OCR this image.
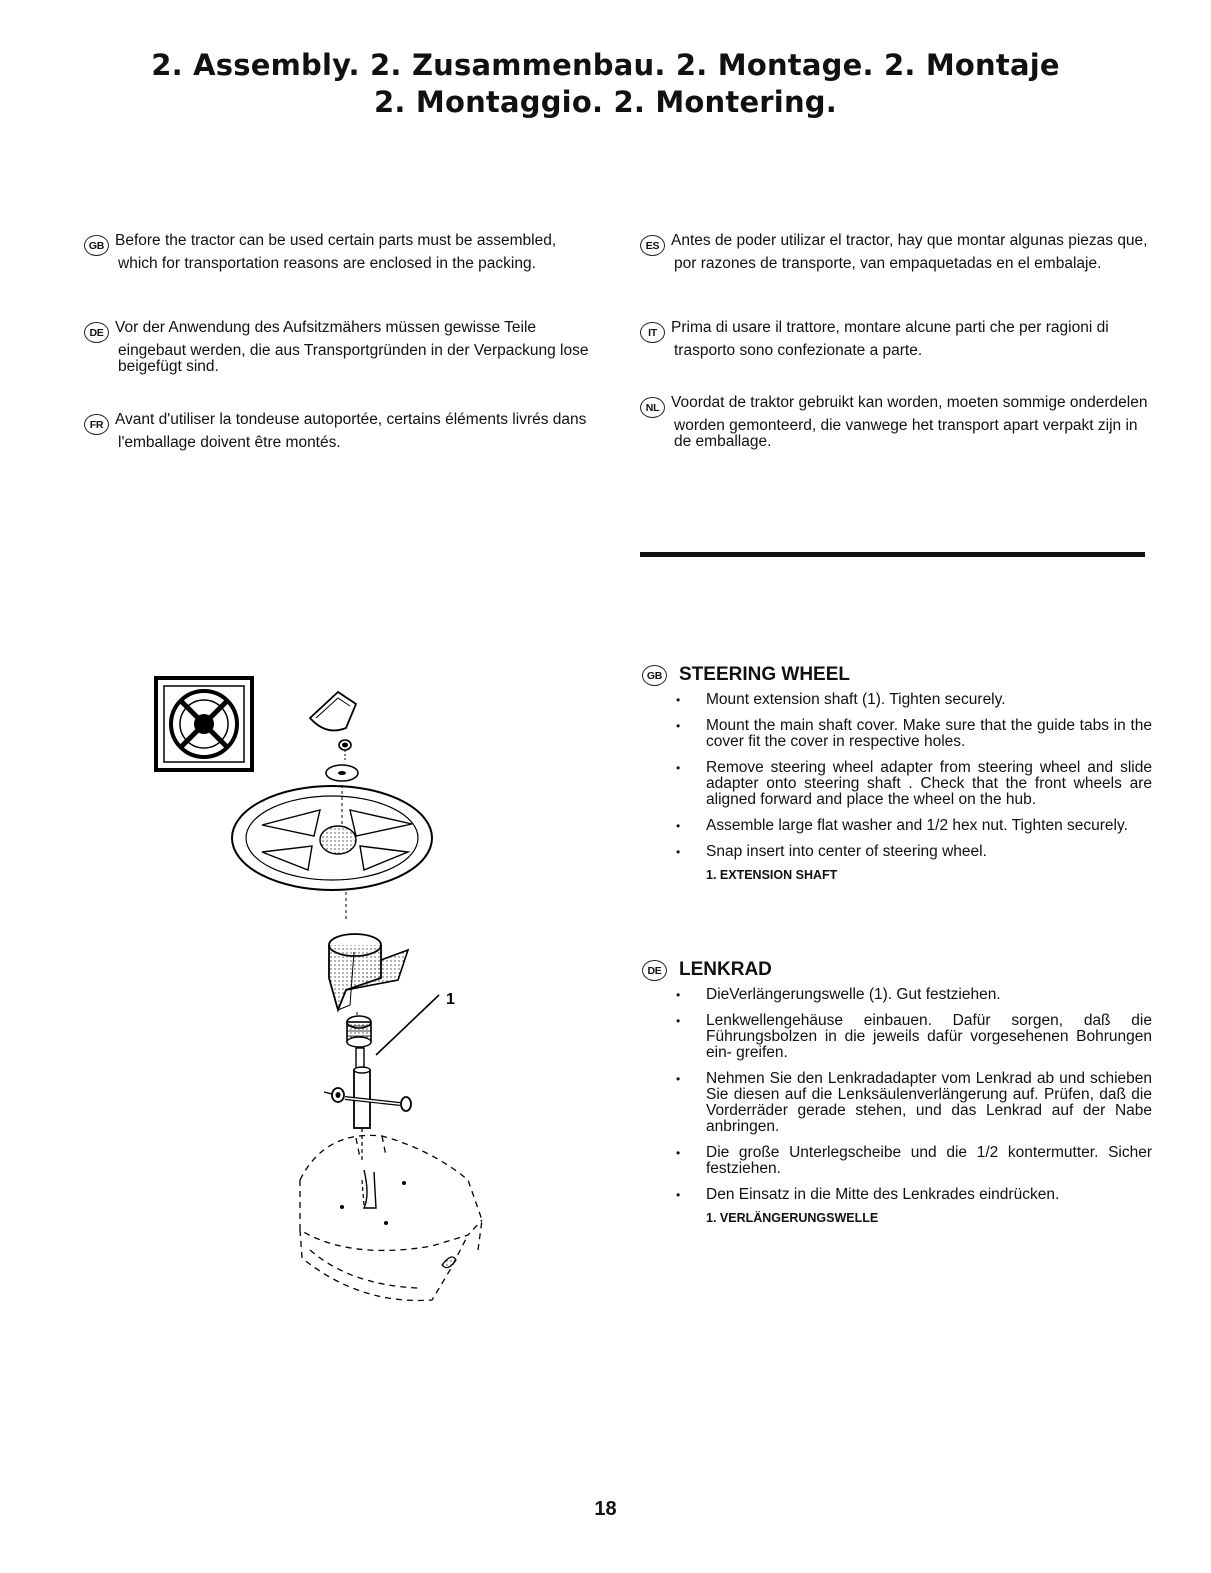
2. Assembly. 2. Zusammenbau. 2. Montage. 2. Montaje
2. Montaggio. 2. Montering.
GB Before the tractor can be used certain parts must be assembled, which for transportation reasons are enclosed in the packing.
DE Vor der Anwendung des Aufsitzmähers müssen gewisse Teile eingebaut werden, die aus Transportgründen in der Verpackung lose beigefügt sind.
FR Avant d'utiliser la tondeuse autoportée, certains éléments livrés dans l'emballage doivent être montés.
ES Antes de poder utilizar el tractor, hay que montar algunas piezas que, por razones de transporte, van empaquetadas en el embalaje.
IT Prima di usare il trattore, montare alcune parti che per ragioni di trasporto sono confezionate a parte.
NL Voordat de traktor gebruikt kan worden, moeten sommige onderdelen worden gemonteerd, die vanwege het transport apart verpakt zijn in de emballage.
GB STEERING WHEEL
• Mount extension shaft (1). Tighten securely.
• Mount the main shaft cover. Make sure that the guide tabs in the cover fit the cover in respective holes.
• Remove steering wheel adapter from steering wheel and slide adapter onto steering shaft . Check that the front wheels are aligned forward and place the wheel on the hub.
• Assemble large flat washer and 1/2 hex nut. Tighten securely.
• Snap insert into center of steering wheel.
1. EXTENSION SHAFT
DE LENKRAD
• DieVerlängerungswelle (1). Gut festziehen.
• Lenkwellengehäuse einbauen. Dafür sorgen, daß die Führungsbolzen in die jeweils dafür vorgesehenen Bohrungen ein- greifen.
• Nehmen Sie den Lenkradadapter vom Lenkrad ab und schieben Sie diesen auf die Lenksäulenverlängerung auf. Prüfen, daß die Vorderräder gerade stehen, und das Lenkrad auf der Nabe anbringen.
• Die große Unterlegscheibe und die 1/2 kontermutter. Sicher festziehen.
• Den Einsatz in die Mitte des Lenkrades eindrücken.
1. VERLÄNGERUNGSWELLE
1
18
